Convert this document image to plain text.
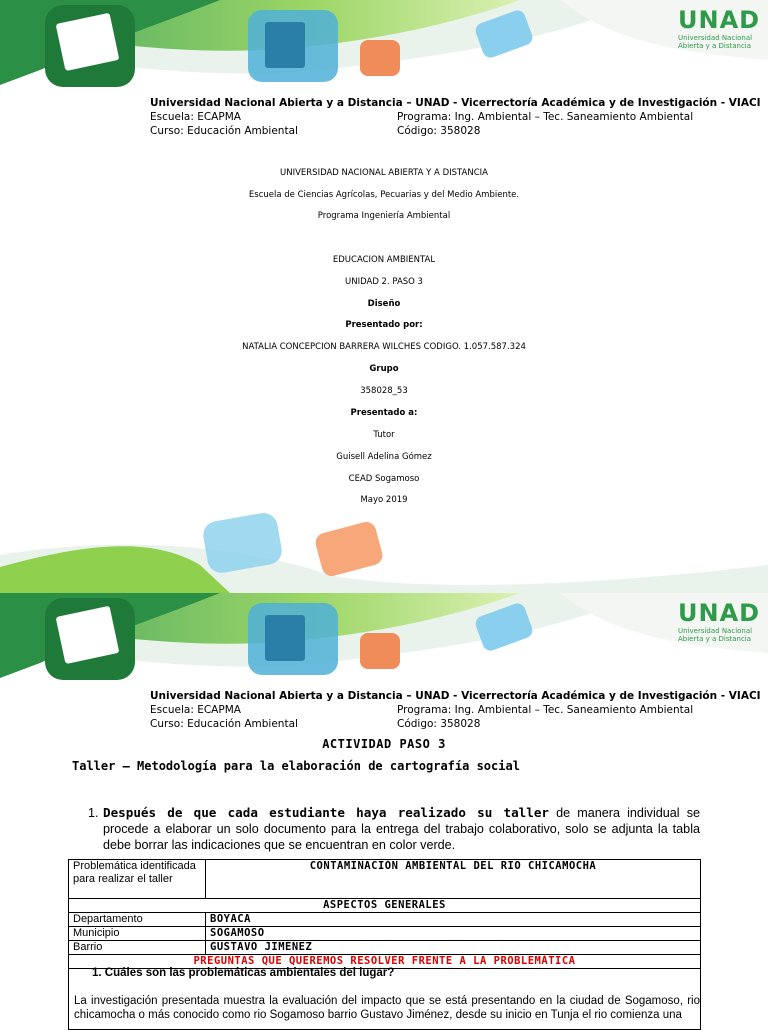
UNAD
Universidad Nacional
Abierta y a Distancia
Universidad Nacional Abierta y a Distancia – UNAD - Vicerrectoría Académica y de Investigación - VIACI
Escuela: ECAPMA	Programa: Ing. Ambiental – Tec. Saneamiento Ambiental
Curso: Educación Ambiental	Código: 358028
UNIVERSIDAD NACIONAL ABIERTA Y A DISTANCIA
Escuela de Ciencias Agrícolas, Pecuarias y del Medio Ambiente.
Programa Ingeniería Ambiental
EDUCACION AMBIENTAL
UNIDAD 2. PASO 3
Diseño
Presentado por:
NATALIA CONCEPCION BARRERA WILCHES CODIGO. 1.057.587.324
Grupo
358028_53
Presentado a:
Tutor
Guisell Adelina Gómez
CEAD Sogamoso
Mayo 2019
UNAD
Universidad Nacional
Abierta y a Distancia
Universidad Nacional Abierta y a Distancia – UNAD - Vicerrectoría Académica y de Investigación - VIACI
Escuela: ECAPMA	Programa: Ing. Ambiental – Tec. Saneamiento Ambiental
Curso: Educación Ambiental	Código: 358028
ACTIVIDAD PASO 3
Taller – Metodología para la elaboración de cartografía social
1. Después de que cada estudiante haya realizado su taller de manera individual se procede a elaborar un solo documento para la entrega del trabajo colaborativo, solo se adjunta la tabla debe borrar las indicaciones que se encuentran en color verde.
Problemática identificada para realizar el taller	CONTAMINACIÓN AMBIENTAL DEL RIO CHICAMOCHA
ASPECTOS GENERALES	
Departamento	BOYACA
Municipio	SOGAMOSO
Barrio	GUSTAVO JIMENEZ
PREGUNTAS QUE QUEREMOS RESOLVER FRENTE A LA PROBLEMÁTICA	

1. Cuáles son las problemáticas ambientales del lugar?
La investigación presentada muestra la evaluación del impacto que se está presentando en la ciudad de Sogamoso, rio chicamocha o más conocido como rio Sogamoso barrio Gustavo Jiménez, desde su inicio en Tunja el rio comienza una
